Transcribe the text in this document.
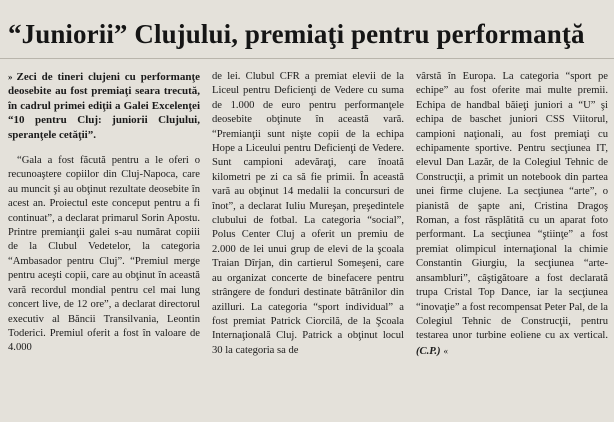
“Juniorii” Clujului, premiaţi pentru performanţă

» Zeci de tineri clujeni cu performanţe deosebite au fost premiaţi seara trecută, în cadrul primei ediţii a Galei Excelenţei “10 pentru Cluj: juniorii Clujului, speranţele cetăţii”.

“Gala a fost făcută pentru a le oferi o recunoaştere copiilor din Cluj-Napoca, care au muncit şi au obţinut rezultate deosebite în acest an. Proiectul este conceput pentru a fi continuat”, a declarat primarul Sorin Apostu. Printre premianţii galei s-au numărat copiii de la Clubul Vedetelor, la categoria “Ambasador pentru Cluj”. “Premiul merge pentru aceşti copii, care au obţinut în această vară recordul mondial pentru cel mai lung concert live, de 12 ore”, a declarat directorul executiv al Băncii Transilvania, Leontin Toderici. Premiul oferit a fost în valoare de 4.000

de lei. Clubul CFR a premiat elevii de la Liceul pentru Deficienţi de Vedere cu suma de 1.000 de euro pentru performanţele deosebite obţinute în această vară. “Premianţii sunt nişte copii de la echipa Hope a Liceului pentru Deficienţi de Vedere. Sunt campioni adevăraţi, care înoată kilometri pe zi ca să fie primii. În această vară au obţinut 14 medalii la concursuri de înot”, a declarat Iuliu Mureşan, preşedintele clubului de fotbal. La categoria “social”, Polus Center Cluj a oferit un premiu de 2.000 de lei unui grup de elevi de la şcoala Traian Dîrjan, din cartierul Someşeni, care au organizat concerte de binefacere pentru strângere de fonduri destinate bătrânilor din azilluri. La categoria “sport individual” a fost premiat Patrick Ciorcilă, de la Şcoala Internaţională Cluj. Patrick a obţinut locul 30 la categoria sa de

vârstă în Europa. La categoria “sport pe echipe” au fost oferite mai multe premii. Echipa de handbal băieţi juniori a “U” şi echipa de baschet juniori CSS Viitorul, campioni naţionali, au fost premiaţi cu echipamente sportive. Pentru secţiunea IT, elevul Dan Lazăr, de la Colegiul Tehnic de Construcţii, a primit un notebook din partea unei firme clujene. La secţiunea “arte”, o pianistă de şapte ani, Cristina Dragoş Roman, a fost răsplătită cu un aparat foto performant. La secţiunea “ştiinţe” a fost premiat olimpicul internaţional la chimie Constantin Giurgiu, la secţiunea “arte-ansambluri”, câştigătoare a fost declarată trupa Cristal Top Dance, iar la secţiunea “inovaţie” a fost recompensat Peter Pal, de la Colegiul Tehnic de Construcţii, pentru testarea unor turbine eoliene cu ax vertical. (C.P.) «
